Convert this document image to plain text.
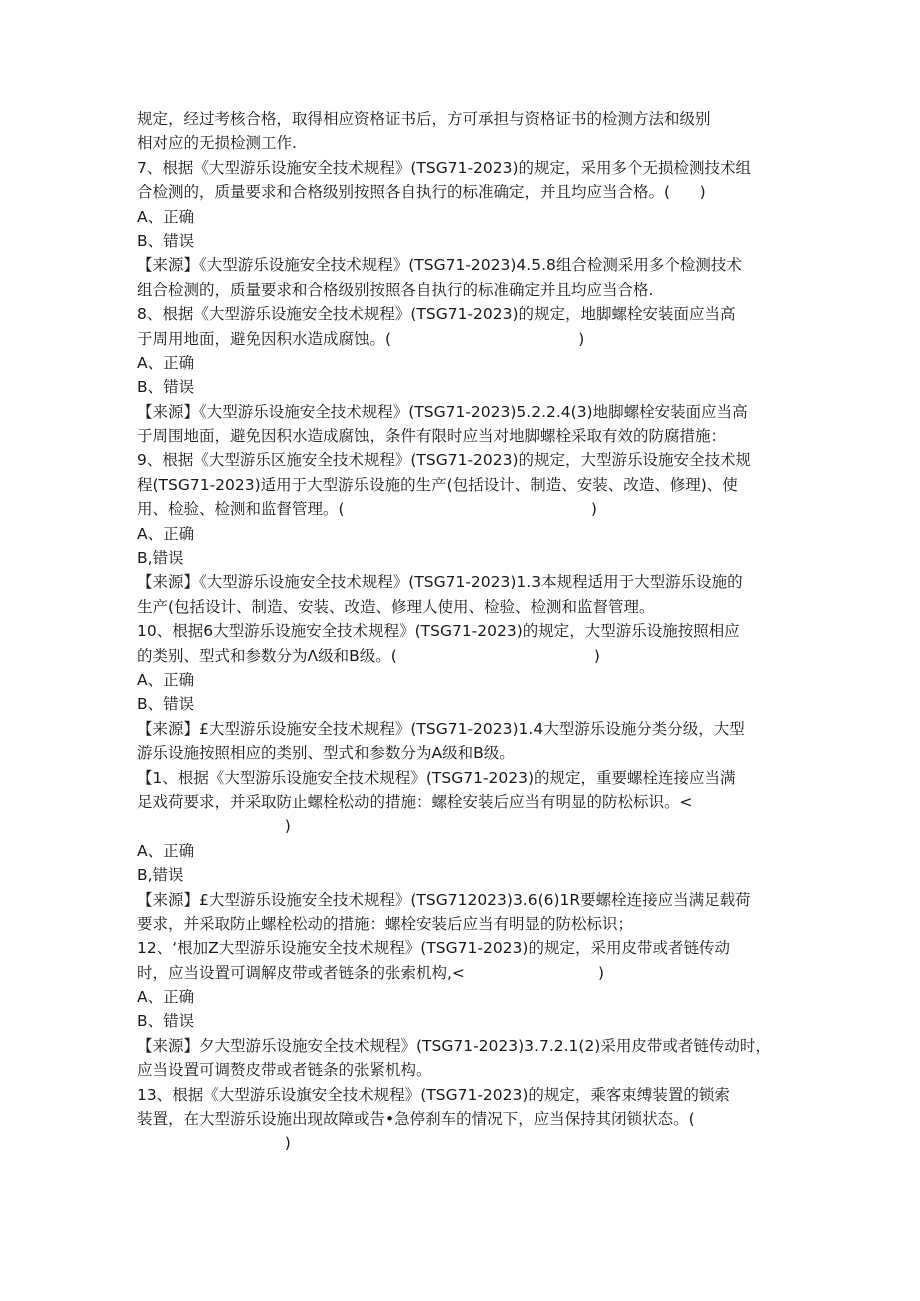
规定，经过考核合格，取得相应资格证书后，方可承担与资格证书的检测方法和级别
相对应的无损检测工作.
7、根据《大型游乐设施安全技术规程》(TSG71-2023)的规定，采用多个无损检测技术组
合检测的，质量要求和合格级别按照各自执行的标准确定，并且均应当合格。(      )
A、正确
B、错误
【来源】《大型游乐设施安全技术规程》(TSG71-2023)4.5.8组合检测采用多个检测技术
组合检测的，质量要求和合格级别按照各自执行的标准确定并且均应当合格.
8、根据《大型游乐设施安全技术规程》(TSG71-2023)的规定，地脚螺栓安装面应当高
于周用地面，避免因积水造成腐蚀。(                                      )
A、正确
B、错误
【来源】《大型游乐设施安全技术规程》(TSG71-2023)5.2.2.4(3)地脚螺栓安装面应当高
于周围地面，避免因积水造成腐蚀，条件有限时应当对地脚螺栓采取有效的防腐措施：
9、根据《大型游乐区施安全技术规程》(TSG71-2023)的规定，大型游乐设施安全技术规
程(TSG71-2023)适用于大型游乐设施的生产(包括设计、制造、安装、改造、修理)、使
用、检验、检测和监督管理。(                                                  )
A、正确
B,错误
【来源】《大型游乐设施安全技术规程》(TSG71-2023)1.3本规程适用于大型游乐设施的
生产(包括设计、制造、安装、改造、修理人使用、检验、检测和监督管理。
10、根据6大型游乐设施安全技术规程》(TSG71-2023)的规定，大型游乐设施按照相应
的类别、型式和参数分为Λ级和B级。(                                        )
A、正确
B、错误
【来源】£大型游乐设施安全技术规程》(TSG71-2023)1.4大型游乐设施分类分级，大型
游乐设施按照相应的类别、型式和参数分为A级和B级。
【1、根据《大型游乐设施安全技术规程》(TSG71-2023)的规定，重要螺栓连接应当满
足戏荷要求，并采取防止螺栓松动的措施：螺栓安装后应当有明显的防松标识。<
)
A、正确
B,错误
【来源】£大型游乐设施安全技术规程》(TSG712023)3.6(6)1R要螺栓连接应当满足载荷
要求，并采取防止螺栓松动的措施：螺栓安装后应当有明显的防松标识；
12、‘根加Z大型游乐设施安全技术规程》(TSG71-2023)的规定，采用皮带或者链传动
时，应当设置可调解皮带或者链条的张索机构,<                           )
A、正确
B、错误
【来源】夕大型游乐设施安全技术规程》(TSG71-2023)3.7.2.1(2)采用皮带或者链传动时，
应当设置可调赘皮带或者链条的张紧机构。
13、根据《大型游乐设旗安全技术规程》(TSG71-2023)的规定，乘客束缚装置的锁索
装置，在大型游乐设施出现故障或告•急停刹车的情况下，应当保持其闭锁状态。(
)
